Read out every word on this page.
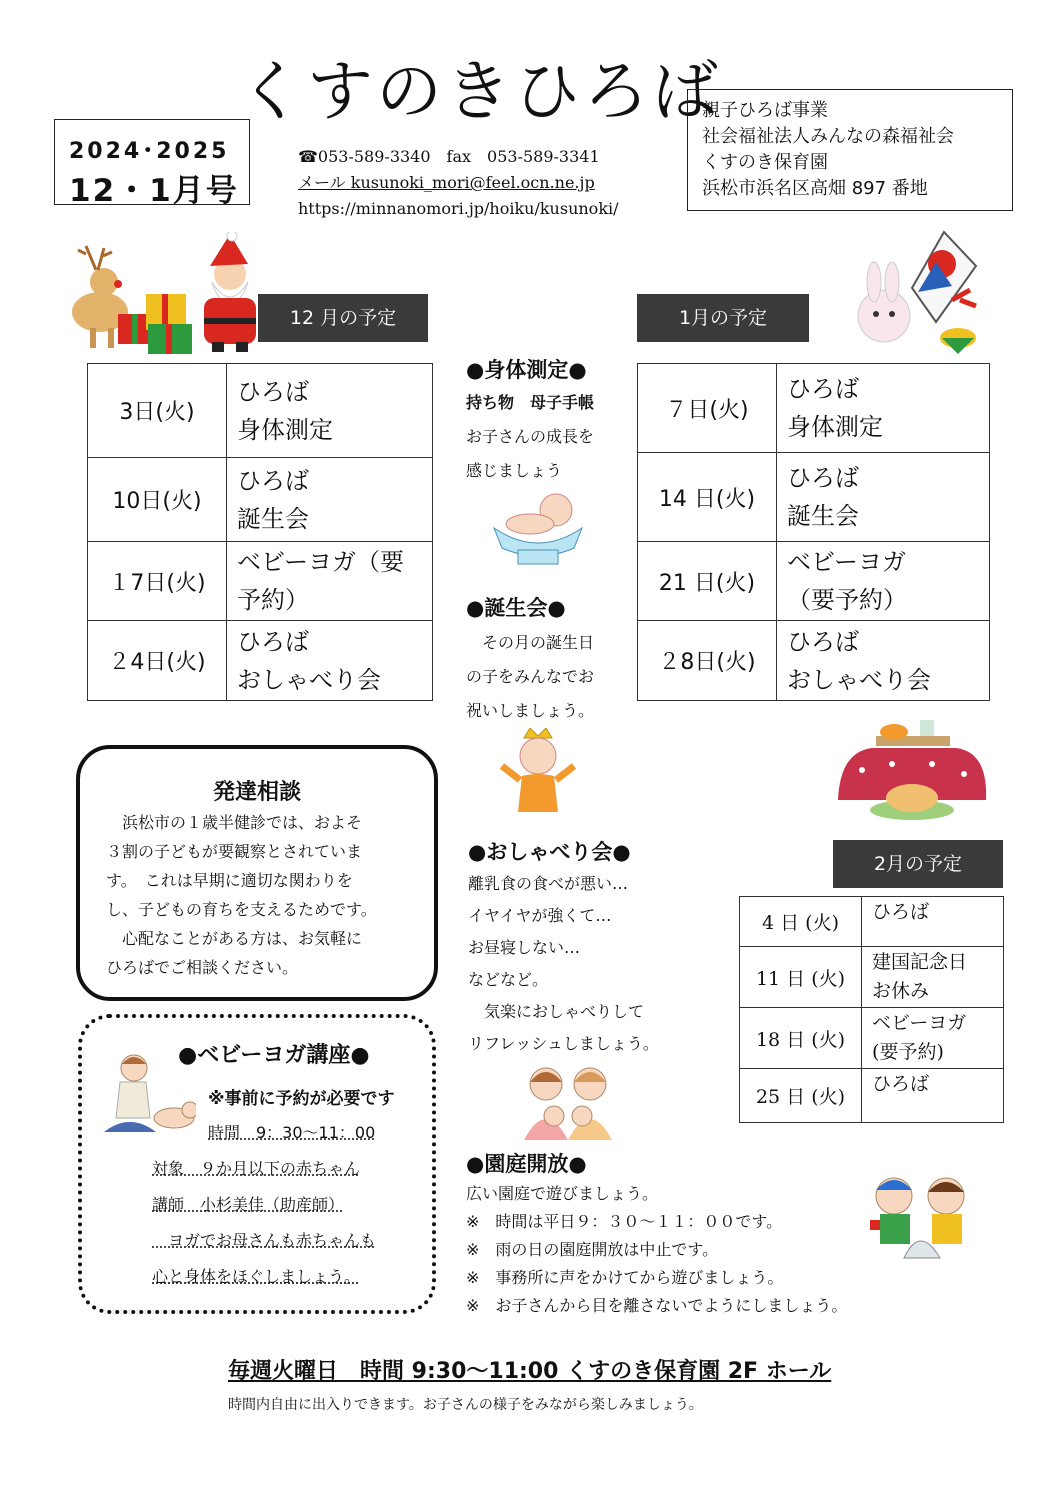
くすのきひろば
2024･2025
12・1月号
☎053-589-3340　fax　053-589-3341
メール kusunoki_mori@feel.ocn.ne.jp
https://minnanomori.jp/hoiku/kusunoki/
親子ひろば事業
社会福祉法人みんなの森福祉会
くすのき保育園
浜松市浜名区高畑 897 番地
12 月の予定
3日(火)	ひろば
身体測定

10日(火)	ひろば
誕生会

１7日(火)	ベビーヨガ（要
予約）

２4日(火)	ひろば
おしゃべり会
1月の予定
７日(火)	ひろば
身体測定

14 日(火)	ひろば
誕生会

21 日(火)	ベビーヨガ
（要予約）

２8日(火)	ひろば
おしゃべり会
●身体測定●
持ち物　母子手帳
お子さんの成長を
感じましょう
●誕生会●
　その月の誕生日
の子をみんなでお
祝いしましょう。
●おしゃべり会●
離乳食の食べが悪い…
イヤイヤが強くて…
お昼寝しない…
などなど。
　気楽におしゃべりして
リフレッシュしましょう。
2月の予定
4 日 (火)	ひろば

11 日 (火)	建国記念日
お休み

18 日 (火)	ベビーヨガ
(要予約)

25 日 (火)	ひろば
発達相談

　浜松市の１歳半健診では、およそ

３割の子どもが要観察とされていま

す。　これは早期に適切な関わりを

し、子どもの育ちを支えるためです。

　心配なことがある方は、お気軽に

ひろばでご相談ください。

●ベビーヨガ講座●
※事前に予約が必要です
時間　9：30～11：00
対象　９か月以下の赤ちゃん
講師　小杉美佳（助産師）
　ヨガでお母さんも赤ちゃんも
心と身体をほぐしましょう。
●園庭開放●
広い園庭で遊びましょう。
※　時間は平日９：３０～１１：００です。
※　雨の日の園庭開放は中止です。
※　事務所に声をかけてから遊びましょう。
※　お子さんから目を離さないでようにしましょう。
毎週火曜日　時間 9:30～11:00 くすのき保育園 2F ホール
時間内自由に出入りできます。お子さんの様子をみながら楽しみましょう。
